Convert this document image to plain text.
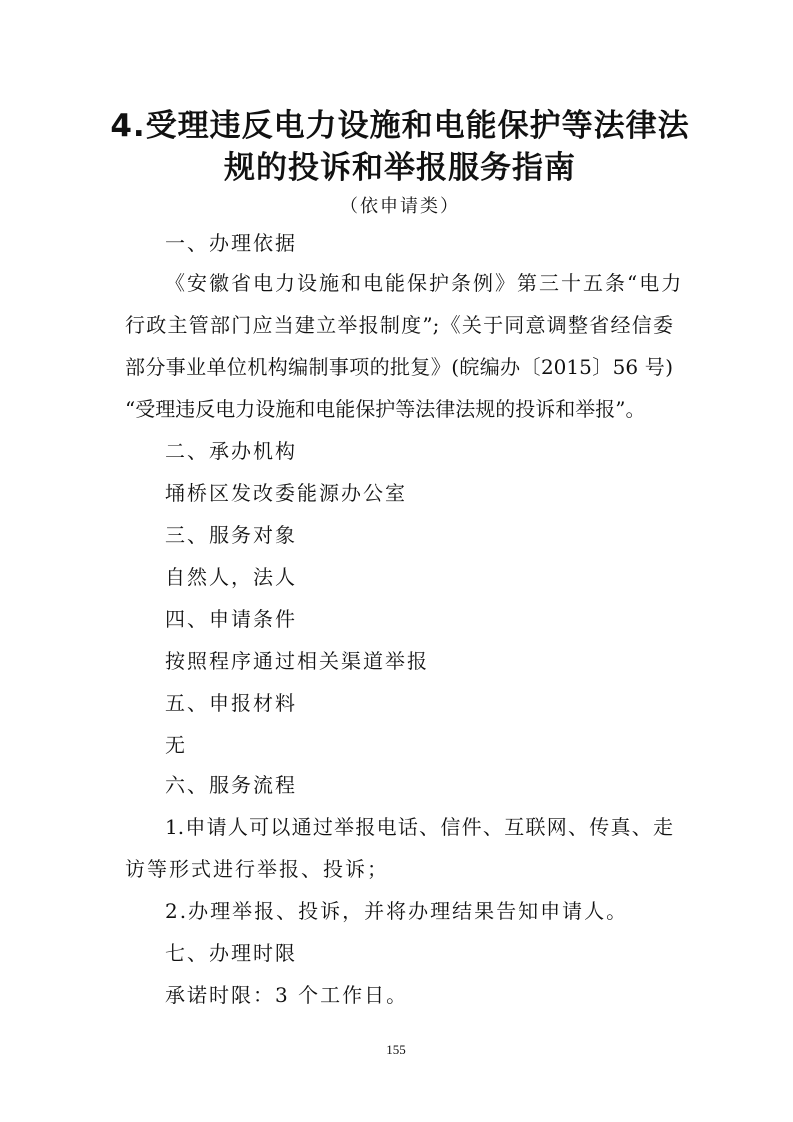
4.受理违反电力设施和电能保护等法律法
规的投诉和举报服务指南
（依申请类）
一、办理依据
《安徽省电力设施和电能保护条例》第三十五条“电力
行政主管部门应当建立举报制度”;《关于同意调整省经信委
部分事业单位机构编制事项的批复》(皖编办〔2015〕56 号)
“受理违反电力设施和电能保护等法律法规的投诉和举报”。
二、承办机构
埇桥区发改委能源办公室
三、服务对象
自然人，法人
四、申请条件
按照程序通过相关渠道举报
五、申报材料
无
六、服务流程
1.申请人可以通过举报电话、信件、互联网、传真、走
访等形式进行举报、投诉；
2.办理举报、投诉，并将办理结果告知申请人。
七、办理时限
承诺时限：3 个工作日。
155
